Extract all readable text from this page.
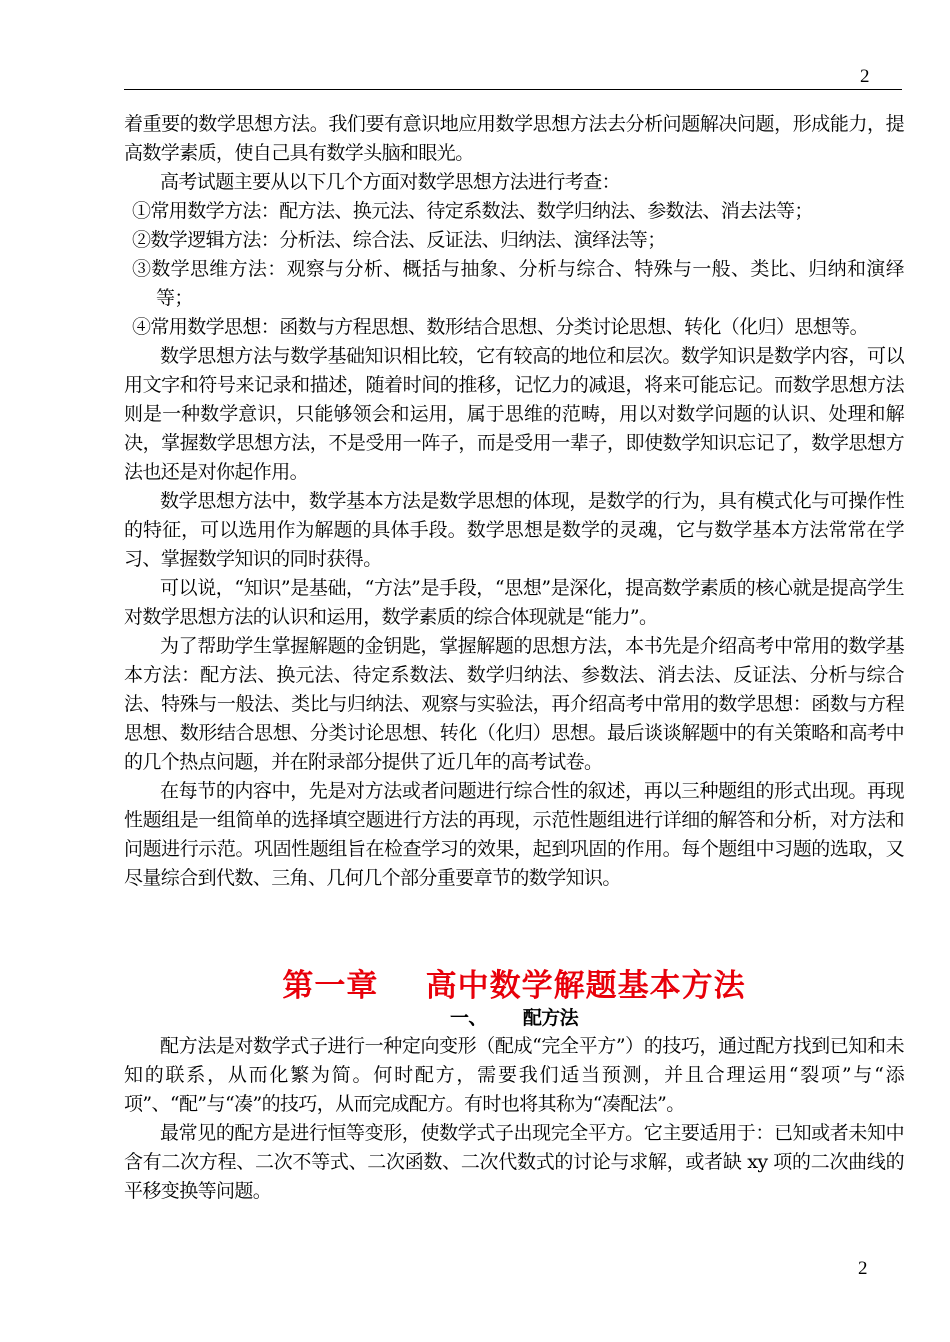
2

着重要的数学思想方法。我们要有意识地应用数学思想方法去分析问题解决问题，形成能力，提高数学素质，使自己具有数学头脑和眼光。

高考试题主要从以下几个方面对数学思想方法进行考查：

①常用数学方法：配方法、换元法、待定系数法、数学归纳法、参数法、消去法等；

②数学逻辑方法：分析法、综合法、反证法、归纳法、演绎法等；

③数学思维方法：观察与分析、概括与抽象、分析与综合、特殊与一般、类比、归纳和演绎等；

④常用数学思想：函数与方程思想、数形结合思想、分类讨论思想、转化（化归）思想等。

数学思想方法与数学基础知识相比较，它有较高的地位和层次。数学知识是数学内容，可以用文字和符号来记录和描述，随着时间的推移，记忆力的减退，将来可能忘记。而数学思想方法则是一种数学意识，只能够领会和运用，属于思维的范畴，用以对数学问题的认识、处理和解决，掌握数学思想方法，不是受用一阵子，而是受用一辈子，即使数学知识忘记了，数学思想方法也还是对你起作用。

数学思想方法中，数学基本方法是数学思想的体现，是数学的行为，具有模式化与可操作性的特征，可以选用作为解题的具体手段。数学思想是数学的灵魂，它与数学基本方法常常在学习、掌握数学知识的同时获得。

可以说，“知识”是基础，“方法”是手段，“思想”是深化，提高数学素质的核心就是提高学生对数学思想方法的认识和运用，数学素质的综合体现就是“能力”。

为了帮助学生掌握解题的金钥匙，掌握解题的思想方法，本书先是介绍高考中常用的数学基本方法：配方法、换元法、待定系数法、数学归纳法、参数法、消去法、反证法、分析与综合法、特殊与一般法、类比与归纳法、观察与实验法，再介绍高考中常用的数学思想：函数与方程思想、数形结合思想、分类讨论思想、转化（化归）思想。最后谈谈解题中的有关策略和高考中的几个热点问题，并在附录部分提供了近几年的高考试卷。

在每节的内容中，先是对方法或者问题进行综合性的叙述，再以三种题组的形式出现。再现性题组是一组简单的选择填空题进行方法的再现，示范性题组进行详细的解答和分析，对方法和问题进行示范。巩固性题组旨在检查学习的效果，起到巩固的作用。每个题组中习题的选取，又尽量综合到代数、三角、几何几个部分重要章节的数学知识。

第一章    高中数学解题基本方法
一、      配方法

配方法是对数学式子进行一种定向变形（配成“完全平方”）的技巧，通过配方找到已知和未知的联系，从而化繁为简。何时配方，需要我们适当预测，并且合理运用“裂项”与“添项”、“配”与“凑”的技巧，从而完成配方。有时也将其称为“凑配法”。

最常见的配方是进行恒等变形，使数学式子出现完全平方。它主要适用于：已知或者未知中含有二次方程、二次不等式、二次函数、二次代数式的讨论与求解，或者缺 xy 项的二次曲线的平移变换等问题。

2
